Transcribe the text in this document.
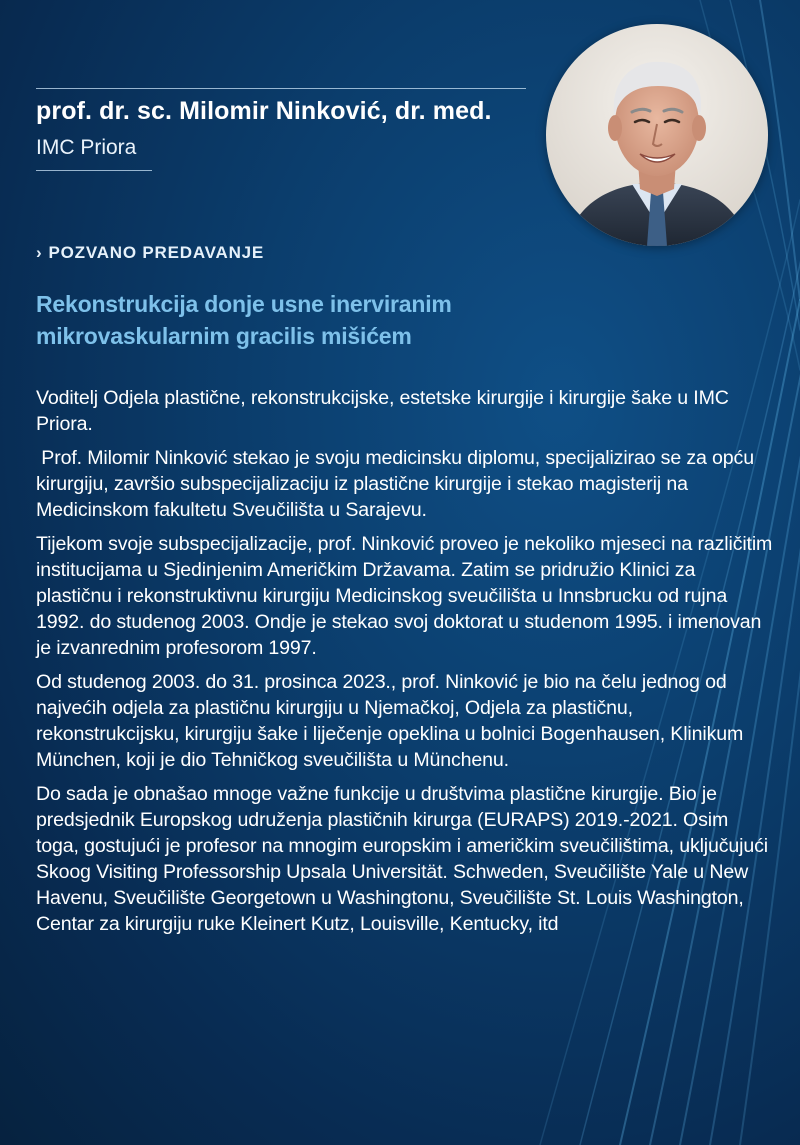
prof. dr. sc. Milomir Ninković, dr. med.
IMC Priora
› POZVANO PREDAVANJE
Rekonstrukcija donje usne inerviranim
mikrovaskularnim gracilis mišićem

Voditelj Odjela plastične, rekonstrukcijske, estetske kirurgije i kirurgije šake u IMC Priora.

Prof. Milomir Ninković stekao je svoju medicinsku diplomu, specijalizirao se za opću kirurgiju, završio subspecijalizaciju iz plastične kirurgije i stekao magisterij na Medicinskom fakultetu Sveučilišta u Sarajevu.

Tijekom svoje subspecijalizacije, prof. Ninković proveo je nekoliko mjeseci na različitim institucijama u Sjedinjenim Američkim Državama. Zatim se pridružio Klinici za plastičnu i rekonstruktivnu kirurgiju Medicinskog sveučilišta u Innsbrucku od rujna 1992. do studenog 2003. Ondje je stekao svoj doktorat u studenom 1995. i imenovan je izvanrednim profesorom 1997.

Od studenog 2003. do 31. prosinca 2023., prof. Ninković je bio na čelu jednog od najvećih odjela za plastičnu kirurgiju u Njemačkoj, Odjela za plastičnu, rekonstrukcijsku, kirurgiju šake i liječenje opeklina u bolnici Bogenhausen, Klinikum München, koji je dio Tehničkog sveučilišta u Münchenu.

Do sada je obnašao mnoge važne funkcije u društvima plastične kirurgije. Bio je predsjednik Europskog udruženja plastičnih kirurga (EURAPS) 2019.-2021. Osim toga, gostujući je profesor na mnogim europskim i američkim sveučilištima, uključujući Skoog Visiting Professorship Upsala Universität. Schweden, Sveučilište Yale u New Havenu, Sveučilište Georgetown u Washingtonu, Sveučilište St. Louis Washington, Centar za kirurgiju ruke Kleinert Kutz, Louisville, Kentucky, itd
